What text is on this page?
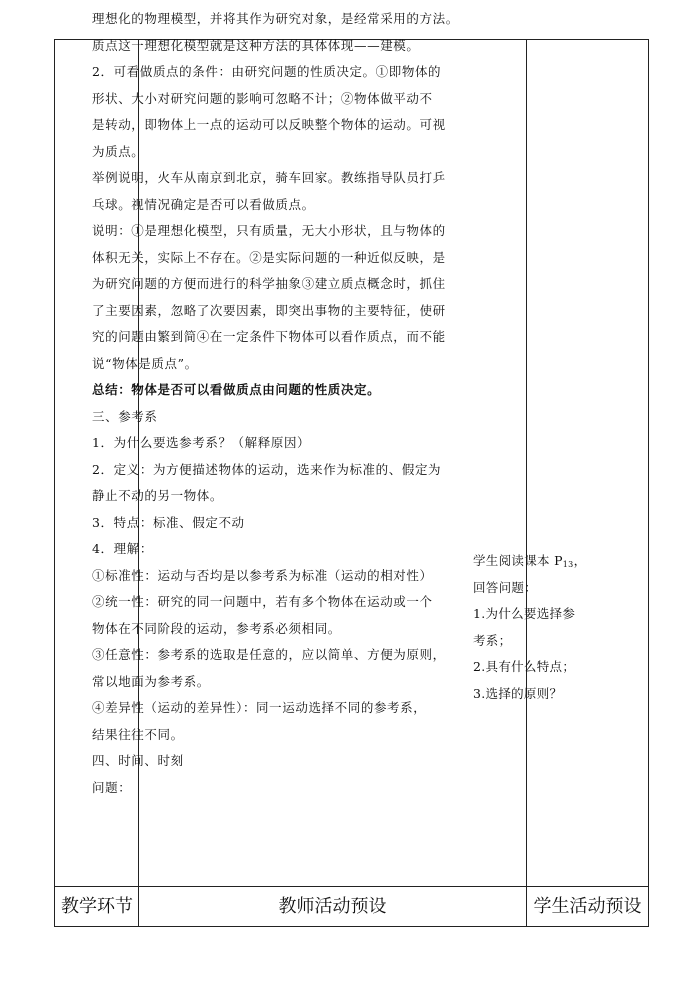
教学环节	教师活动预设	学生活动预设
理想化的物理模型，并将其作为研究对象，是经常采用的方法。
质点这一理想化模型就是这种方法的具体体现——建模。
2．可看做质点的条件：由研究问题的性质决定。①即物体的
形状、大小对研究问题的影响可忽略不计；②物体做平动不
是转动，即物体上一点的运动可以反映整个物体的运动。可视
为质点。
举例说明，火车从南京到北京，骑车回家。教练指导队员打乒
乓球。视情况确定是否可以看做质点。
说明：①是理想化模型，只有质量，无大小形状，且与物体的
体积无关，实际上不存在。②是实际问题的一种近似反映，是
为研究问题的方便而进行的科学抽象③建立质点概念时，抓住
了主要因素，忽略了次要因素，即突出事物的主要特征，使研
究的问题由繁到简④在一定条件下物体可以看作质点，而不能
说“物体是质点”。
总结：物体是否可以看做质点由问题的性质决定。
三、参考系
1．为什么要选参考系？（解释原因）
2．定义：为方便描述物体的运动，选来作为标准的、假定为
静止不动的另一物体。
3．特点：标准、假定不动
4．理解：
①标准性：运动与否均是以参考系为标准（运动的相对性）
②统一性：研究的同一问题中，若有多个物体在运动或一个
物体在不同阶段的运动，参考系必须相同。
③任意性：参考系的选取是任意的，应以简单、方便为原则，
常以地面为参考系。
④差异性（运动的差异性）：同一运动选择不同的参考系，
结果往往不同。
四、时间、时刻
问题：
学生阅读课本 $P_{13}$，
回答问题：
1.为什么要选择参
考系；
2.具有什么特点；
3.选择的原则？
